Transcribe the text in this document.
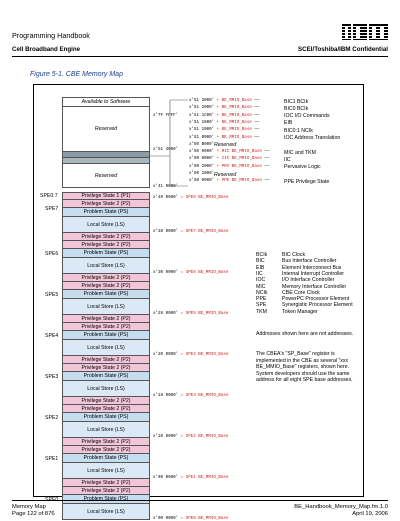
Programming Handbook
Cell Broadband Engine	SCEI/Toshiba/IBM Confidential
Figure 5-1. CBE Memory Map
Available to Software
Reserved
Reserved
x'7F FFFF'
x'51 4000'
x'41 0000'
x'51 3000' + BE_MMIO_Base ——	BIC1 BCIk
x'51 2000' + BE_MMIO_Base ——	BIC0 BCIk
x'51 1C00' + BE_MMIO_Base ——	IOC I/O Commands
x'51 1800' + BE_MMIO_Base ——	EIB
x'51 1000' + BE_MMIO_Base ——	BIC0:1 NCIk
x'51 0000' + BE_MMIO_Base ——	IOC Address Translation
x'50 B000' Reserved
x'50 9000' + MIC BE_MMIO_Base ——	MIC and TKM
x'50 8000' + IIC BE_MMIO_Base ——	IIC
x'50 2000' + PRV BE_MMIO_Base ——	Pervasive Logic
x'50 1000' Reserved
x'50 0000' + PPE BE_MMIO_Base ——	PPE Privilege State
SPE0:7	x'40 0000' = SPE0 BE_MMIO_Base
Privilege State 1 (P1)
Privilege State 2 (P2)
Problem State (PS)
Local Store (LS)
SPE7
x'38 0000' = SPE7 BE_MMIO_Base
Privilege State 2 (P2)
Privilege State 2 (P2)
Problem State (PS)
Local Store (LS)
SPE6
x'30 0000' = SPE6 BE_MMIO_Base
Privilege State 2 (P2)
Privilege State 2 (P2)
Problem State (PS)
Local Store (LS)
SPE5
x'28 0000' = SPE5 BE_MMIO_Base
Privilege State 2 (P2)
Privilege State 2 (P2)
Problem State (PS)
Local Store (LS)
SPE4
x'20 0000' = SPE4 BE_MMIO_Base
Privilege State 2 (P2)
Privilege State 2 (P2)
Problem State (PS)
Local Store (LS)
SPE3
x'18 0000' = SPE3 BE_MMIO_Base
Privilege State 2 (P2)
Privilege State 2 (P2)
Problem State (PS)
Local Store (LS)
SPE2
x'10 0000' = SPE2 BE_MMIO_Base
Privilege State 2 (P2)
Privilege State 2 (P2)
Problem State (PS)
Local Store (LS)
SPE1
x'08 0000' = SPE1 BE_MMIO_Base
Privilege State 2 (P2)
Privilege State 2 (P2)
Problem State (PS)
Local Store (LS)
SPE0
x'00 0000' = SPE0 BE_MMIO_Base
BCIk	BIC Clock
BIC	Bus Interface Controller
EIB	Element Interconnect Bus
IIC	Internal Interrupt Controller
IOC	I/O Interface Controller
MIC	Memory Interface Controller
NCIk	CBE Core Clock
PPE	PowerPC Processor Element
SPE	Synergistic Processor Element
TKM	Token Manager
Addresses shown here are not addresses.
The CBEA's "SP_Base" register is implemented in the CBE as several "xxx BE_MMIO_Base" registers, shown here. System developers should use the same address for all eight SPE base addresses.
Memory Map
Page 122 of 876
BE_Handbook_Memory_Map.fm.1.0
April 19, 2006
